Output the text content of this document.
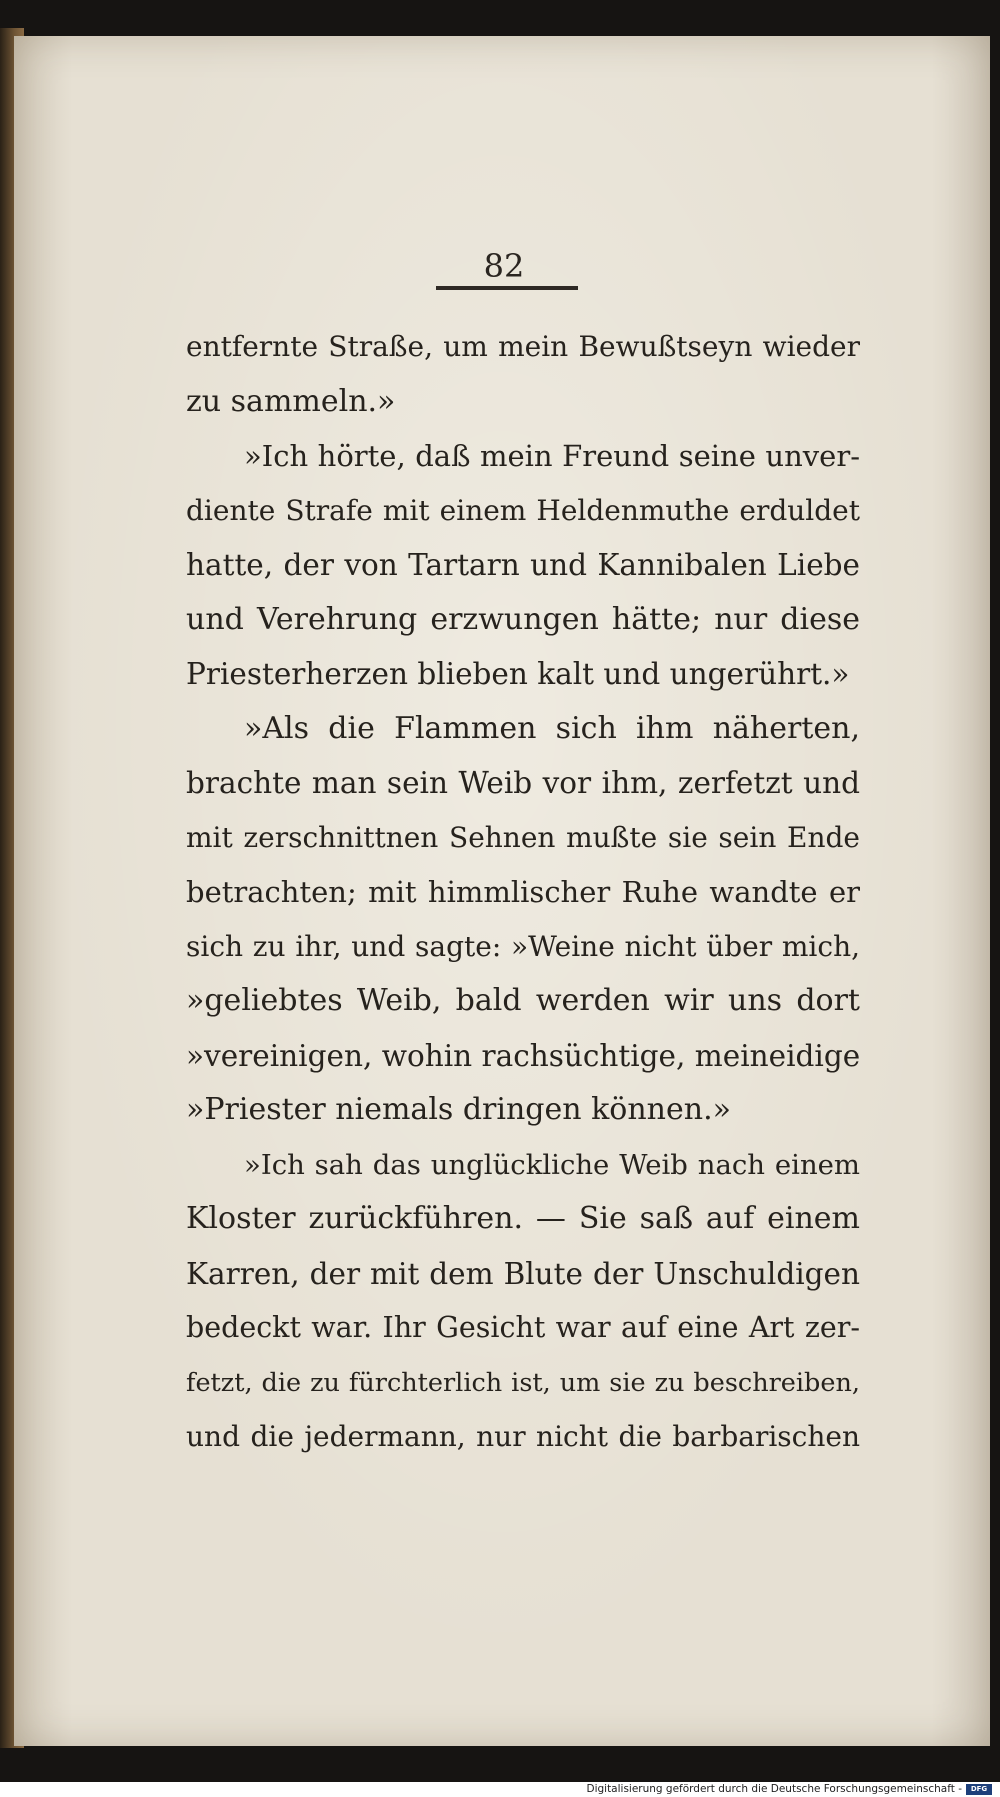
82
entfernte Straße, um mein Bewußtseyn wieder
zu sammeln.»
»Ich hörte, daß mein Freund seine unver-
diente Strafe mit einem Heldenmuthe erduldet
hatte, der von Tartarn und Kannibalen Liebe
und Verehrung erzwungen hätte; nur diese
Priesterherzen blieben kalt und ungerührt.»
»Als die Flammen sich ihm näherten,
brachte man sein Weib vor ihm, zerfetzt und
mit zerschnittnen Sehnen mußte sie sein Ende
betrachten; mit himmlischer Ruhe wandte er
sich zu ihr, und sagte: »Weine nicht über mich,
»geliebtes Weib, bald werden wir uns dort
»vereinigen, wohin rachsüchtige, meineidige
»Priester niemals dringen können.»
»Ich sah das unglückliche Weib nach einem
Kloster zurückführen. — Sie saß auf einem
Karren, der mit dem Blute der Unschuldigen
bedeckt war. Ihr Gesicht war auf eine Art zer-
fetzt, die zu fürchterlich ist, um sie zu beschreiben,
und die jedermann, nur nicht die barbarischen
Digitalisierung gefördert durch die Deutsche Forschungsgemeinschaft -	DFG
